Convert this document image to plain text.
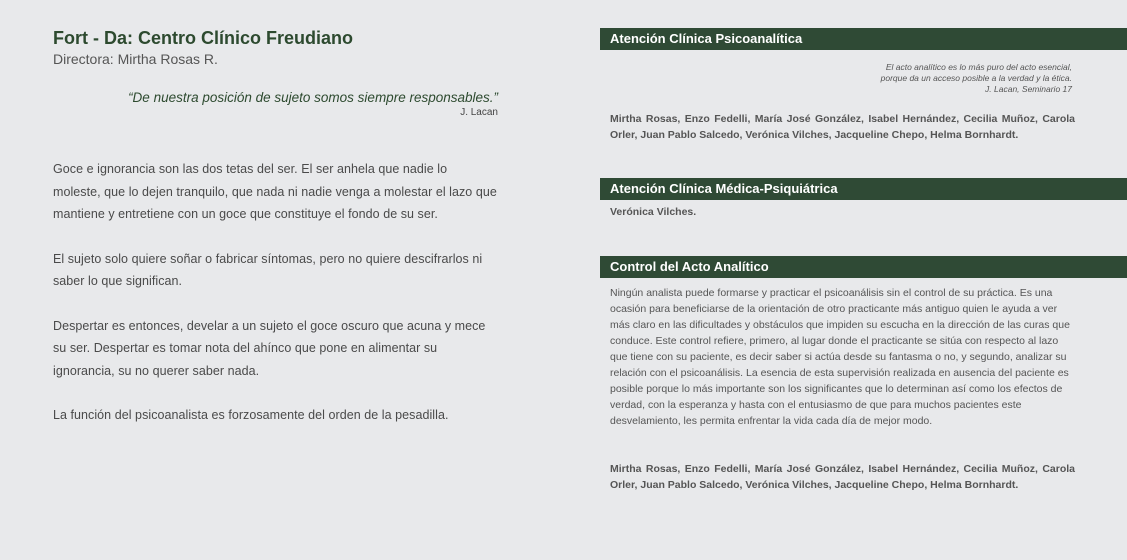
Fort - Da: Centro Clínico Freudiano
Directora: Mirtha Rosas R.
“De nuestra posición de sujeto somos siempre responsables.”
J. Lacan

Goce e ignorancia son las dos tetas del ser. El ser anhela que nadie lo moleste, que lo dejen tranquilo, que nada ni nadie venga a molestar el lazo que mantiene y entretiene con un goce que constituye el fondo de su ser.

El sujeto solo quiere soñar o fabricar síntomas, pero no quiere descifrarlos ni saber lo que significan.

Despertar es entonces, develar a un sujeto el goce oscuro que acuna y mece su ser. Despertar es tomar nota del ahínco que pone en alimentar su ignorancia, su no querer saber nada.

La función del psicoanalista es forzosamente del orden de la pesadilla.

Atención Clínica Psicoanalítica
El acto analítico es lo más puro del acto esencial,
porque da un acceso posible a la verdad y la ética.
J. Lacan, Seminario 17
Mirtha Rosas, Enzo Fedelli, María José González, Isabel Hernández, Cecilia Muñoz, Carola Orler, Juan Pablo Salcedo, Verónica Vilches, Jacqueline Chepo, Helma Bornhardt.
Atención Clínica Médica-Psiquiátrica
Verónica Vilches.
Control del Acto Analítico
Ningún analista puede formarse y practicar el psicoanálisis sin el control de su práctica. Es una ocasión para beneficiarse de la orientación de otro practicante más antiguo quien le ayuda a ver más claro en las dificultades y obstáculos que impiden su escucha en la dirección de las curas que conduce. Este control refiere, primero, al lugar donde el practicante se sitúa con respecto al lazo que tiene con su paciente, es decir saber si actúa desde su fantasma o no, y segundo, analizar su relación con el psicoanálisis. La esencia de esta supervisión realizada en ausencia del paciente es posible porque lo más importante son los significantes que lo determinan así como los efectos de verdad, con la esperanza y hasta con el entusiasmo de que para muchos pacientes este desvelamiento, les permita enfrentar la vida cada día de mejor modo.
Mirtha Rosas, Enzo Fedelli, María José González, Isabel Hernández, Cecilia Muñoz, Carola Orler, Juan Pablo Salcedo, Verónica Vilches, Jacqueline Chepo, Helma Bornhardt.
